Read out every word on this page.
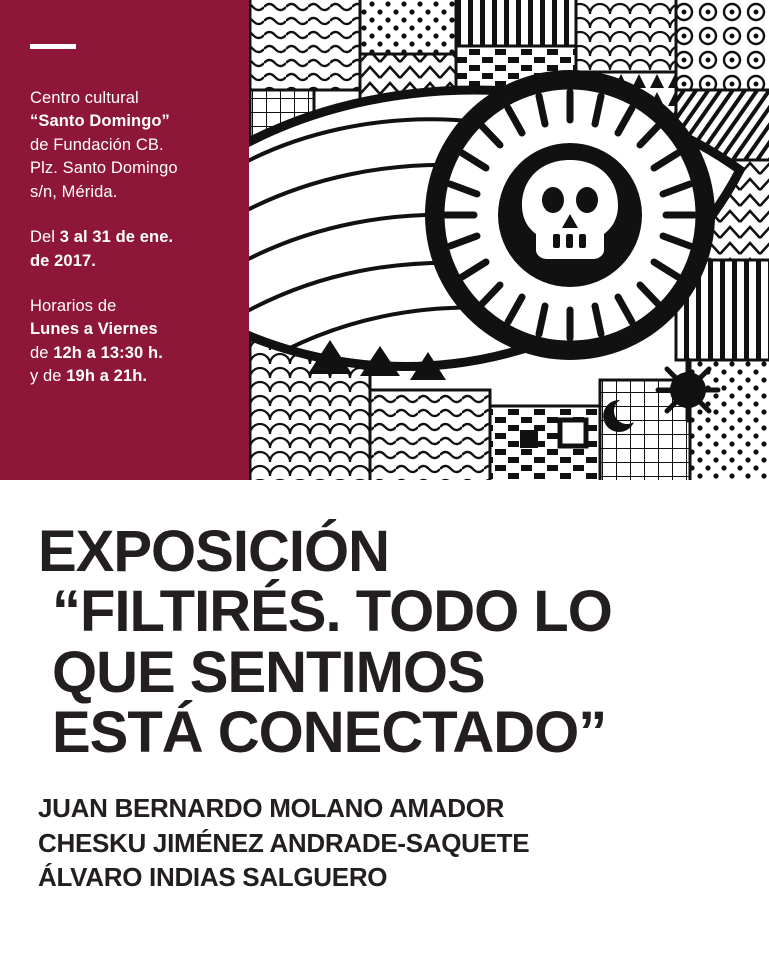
Centro cultural
“Santo Domingo”
de Fundación CB.
Plz. Santo Domingo
s/n, Mérida.
Del 3 al 31 de ene.
de 2017.
Horarios de
Lunes a Viernes
de 12h a 13:30 h.
y de 19h a 21h.
EXPOSICIÓN
“FILTIRÉS. TODO LO
QUE SENTIMOS
ESTÁ CONECTADO”
JUAN BERNARDO MOLANO AMADOR
CHESKU JIMÉNEZ ANDRADE-SAQUETE
ÁLVARO INDIAS SALGUERO
